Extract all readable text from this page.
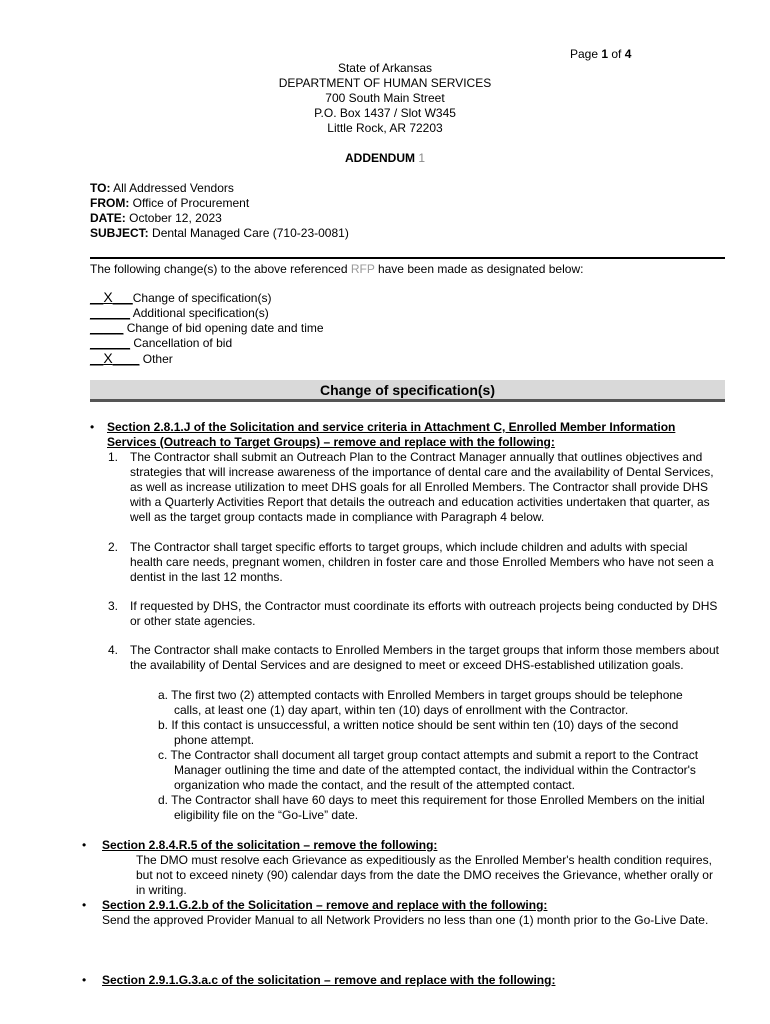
Page 1 of 4
State of Arkansas
DEPARTMENT OF HUMAN SERVICES
700 South Main Street
P.O. Box 1437 / Slot W345
Little Rock, AR 72203
ADDENDUM 1
TO: All Addressed Vendors
FROM: Office of Procurement
DATE: October 12, 2023
SUBJECT: Dental Managed Care (710-23-0081)
The following change(s) to the above referenced RFP have been made as designated below:
__X___Change of specification(s)
______ Additional specification(s)
_____ Change of bid opening date and time
______ Cancellation of bid
__X____ Other
Change of specification(s)
• Section 2.8.1.J of the Solicitation and service criteria in Attachment C, Enrolled Member Information Services (Outreach to Target Groups) – remove and replace with the following:
1. The Contractor shall submit an Outreach Plan to the Contract Manager annually that outlines objectives and strategies that will increase awareness of the importance of dental care and the availability of Dental Services, as well as increase utilization to meet DHS goals for all Enrolled Members. The Contractor shall provide DHS with a Quarterly Activities Report that details the outreach and education activities undertaken that quarter, as well as the target group contacts made in compliance with Paragraph 4 below.
2. The Contractor shall target specific efforts to target groups, which include children and adults with special health care needs, pregnant women, children in foster care and those Enrolled Members who have not seen a dentist in the last 12 months.
3. If requested by DHS, the Contractor must coordinate its efforts with outreach projects being conducted by DHS or other state agencies.
4. The Contractor shall make contacts to Enrolled Members in the target groups that inform those members about the availability of Dental Services and are designed to meet or exceed DHS-established utilization goals.
a. The first two (2) attempted contacts with Enrolled Members in target groups should be telephone calls, at least one (1) day apart, within ten (10) days of enrollment with the Contractor.
b. If this contact is unsuccessful, a written notice should be sent within ten (10) days of the second phone attempt.
c. The Contractor shall document all target group contact attempts and submit a report to the Contract Manager outlining the time and date of the attempted contact, the individual within the Contractor's organization who made the contact, and the result of the attempted contact.
d. The Contractor shall have 60 days to meet this requirement for those Enrolled Members on the initial eligibility file on the “Go-Live” date.
• Section 2.8.4.R.5 of the solicitation – remove the following:
The DMO must resolve each Grievance as expeditiously as the Enrolled Member's health condition requires, but not to exceed ninety (90) calendar days from the date the DMO receives the Grievance, whether orally or in writing.
• Section 2.9.1.G.2.b of the Solicitation – remove and replace with the following:
Send the approved Provider Manual to all Network Providers no less than one (1) month prior to the Go-Live Date.
• Section 2.9.1.G.3.a.c of the solicitation – remove and replace with the following:
